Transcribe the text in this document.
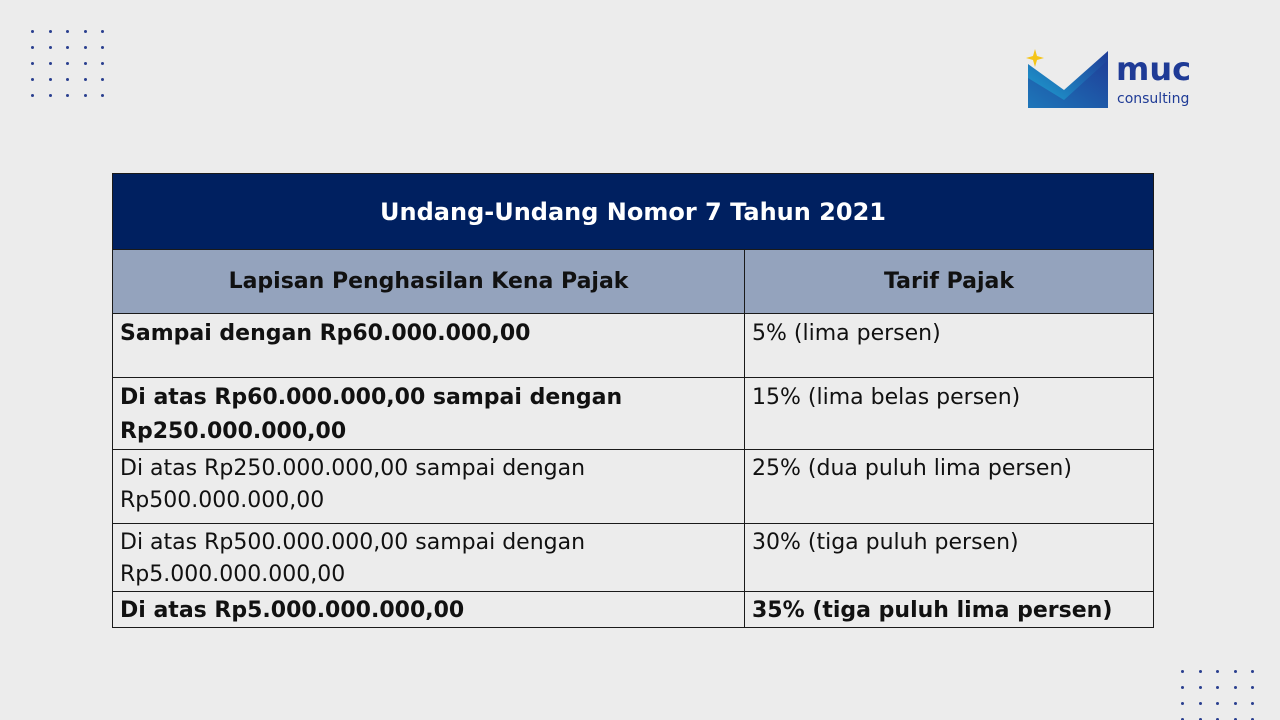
muc
consulting
Undang-Undang Nomor 7 Tahun 2021	
Lapisan Penghasilan Kena Pajak	Tarif Pajak
Sampai dengan Rp60.000.000,00	5% (lima persen)
Di atas Rp60.000.000,00 sampai dengan Rp250.000.000,00	15% (lima belas persen)
Di atas Rp250.000.000,00 sampai dengan Rp500.000.000,00	25% (dua puluh lima persen)
Di atas Rp500.000.000,00 sampai dengan Rp5.000.000.000,00	30% (tiga puluh persen)
Di atas Rp5.000.000.000,00	35% (tiga puluh lima persen)
